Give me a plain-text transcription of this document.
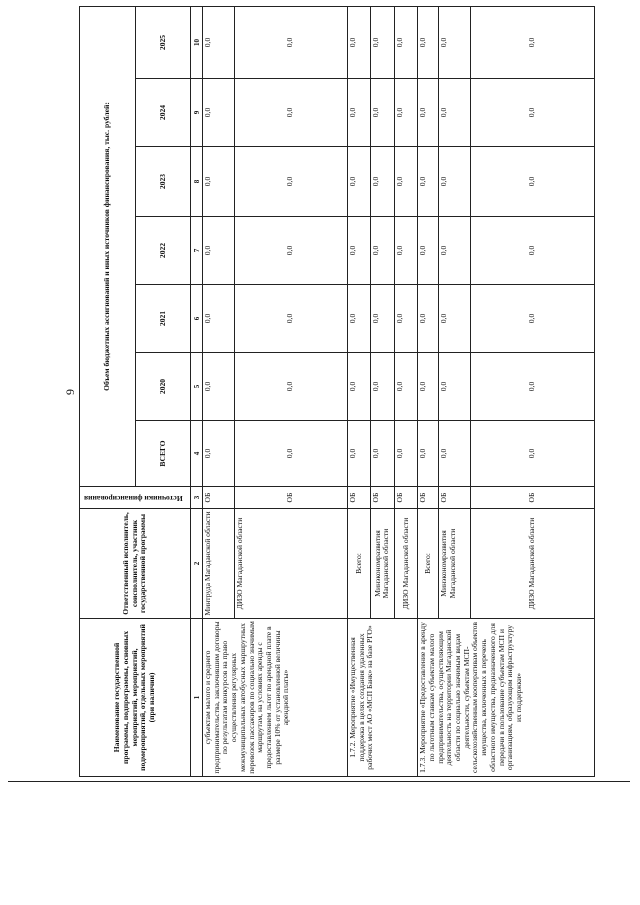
9
Наименование государственной программы, подпрограммы, основных мероприятий, мероприятий, подмероприятий, отдельных мероприятий (при наличии)	Ответственный исполнитель, соисполнитель, участник государственной программы	Источники финансирования	Объем бюджетных ассигнований и иных источников финансирования, тыс. рублей:						
			ВСЕГО	2020	2021	2022	2023	2024	2025
1	2	3	4	5	6	7	8	9	10
субъектам малого и среднего предпринимательства, заключившим договоры по результатам конкурсов на право осуществления регулярных межмуниципальных автобусных маршрутных перевозок пассажиров по социально значимым маршрутам, на условиях аренды с предоставлением льгот по арендной плате в размере 10% от установленной величины арендной платы»	Минтруда Магаданской области	ОБ	0,0	0,0	0,0	0,0	0,0	0,0	0,0
	ДИЗО Магаданской области	ОБ	0,0	0,0	0,0	0,0	0,0	0,0	0,0
1.7.2. Мероприятие «Имущественная поддержка в целях создания удаленных рабочих мест АО «МСП Банк» на базе РГО»	Всего:	ОБ	0,0	0,0	0,0	0,0	0,0	0,0	0,0
	Минэкономразвития Магаданской области	ОБ	0,0	0,0	0,0	0,0	0,0	0,0	0,0
	ДИЗО Магаданской области	ОБ	0,0	0,0	0,0	0,0	0,0	0,0	0,0
1.7.3. Мероприятие «Предоставление в аренду по льготным ставкам субъектам малого предпринимательства, осуществляющим деятельность на территории Магаданской области по социально значимым видам деятельности, субъектам МСП-сельскохозяйственным кооперативам объектов имущества, включенных в перечень областного имущества, предназначенного для передачи в пользование субъектам МСП и организациям, образующим инфраструктуру их поддержки»	Всего:	ОБ	0,0	0,0	0,0	0,0	0,0	0,0	0,0
	Минэкономразвития Магаданской области	ОБ	0,0	0,0	0,0	0,0	0,0	0,0	0,0
	ДИЗО Магаданской области	ОБ	0,0	0,0	0,0	0,0	0,0	0,0	0,0
